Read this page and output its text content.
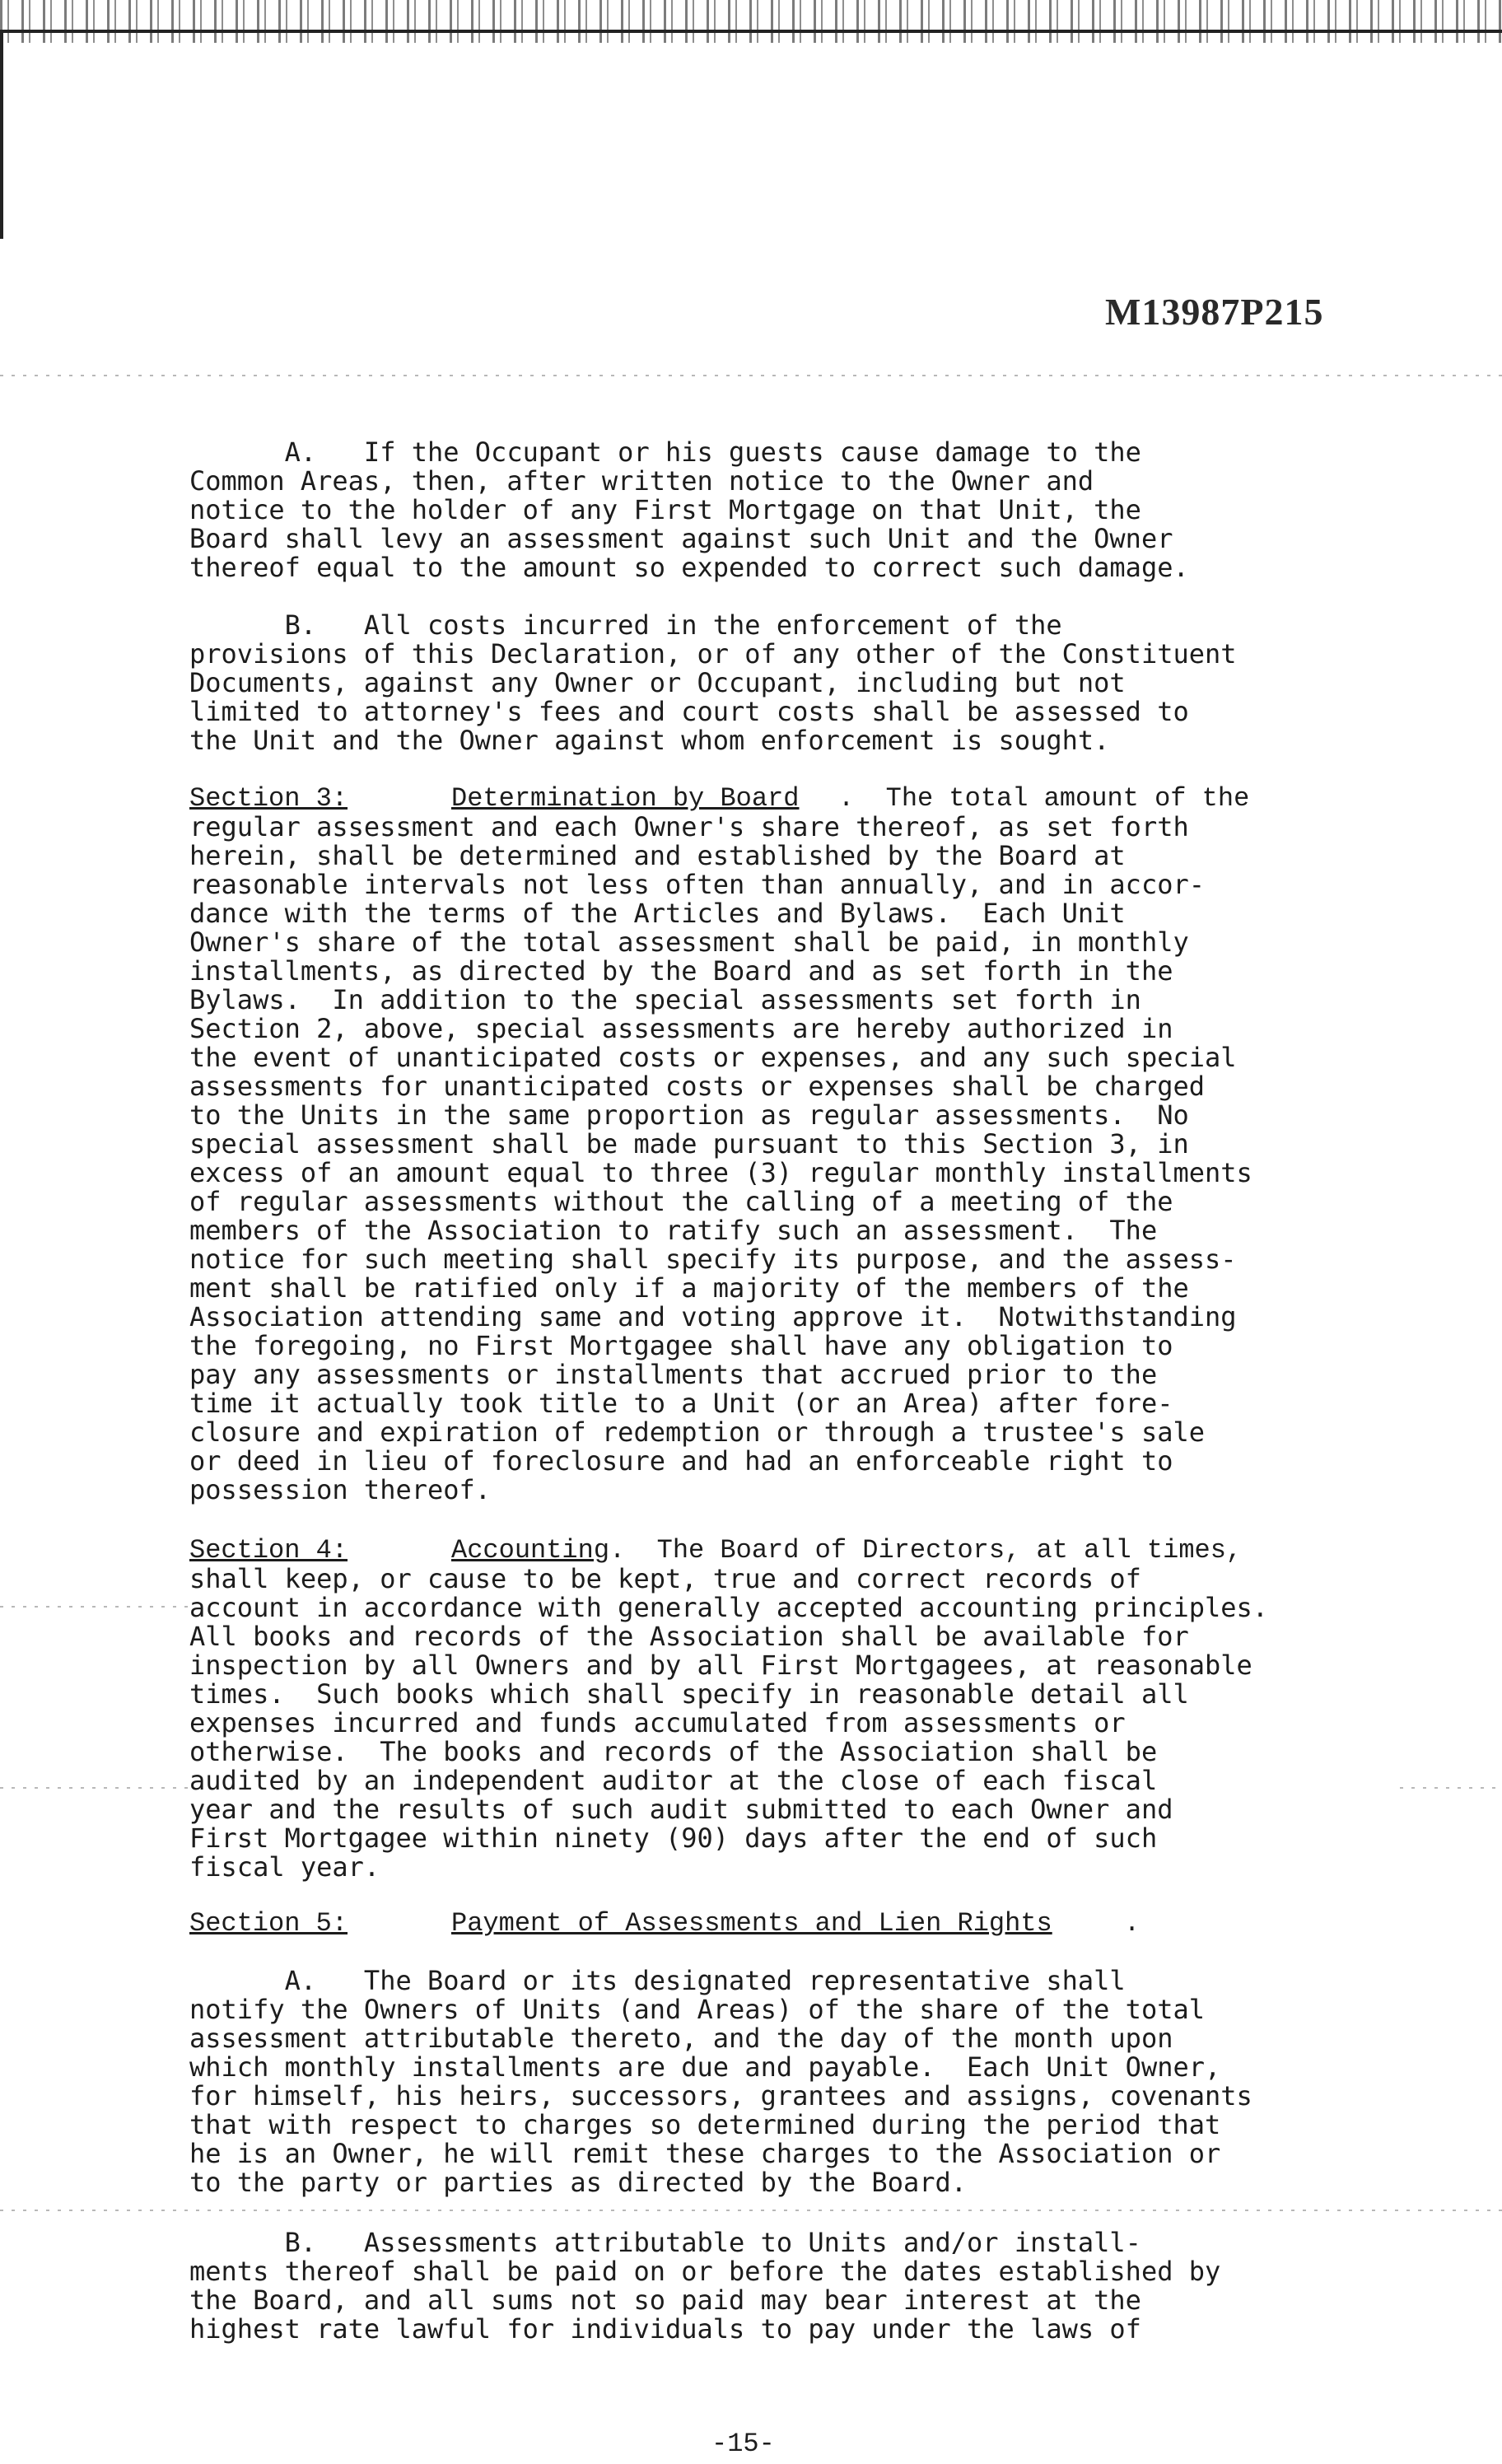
M13987P215
A.   If the Occupant or his guests cause damage to the
Common Areas, then, after written notice to the Owner and
notice to the holder of any First Mortgage on that Unit, the
Board shall levy an assessment against such Unit and the Owner
thereof equal to the amount so expended to correct such damage.
B.   All costs incurred in the enforcement of the
provisions of this Declaration, or of any other of the Constituent
Documents, against any Owner or Occupant, including but not
limited to attorney's fees and court costs shall be assessed to
the Unit and the Owner against whom enforcement is sought.
Section 3:	Determination by Board .  The total amount of the
regular assessment and each Owner's share thereof, as set forth
herein, shall be determined and established by the Board at
reasonable intervals not less often than annually, and in accor-
dance with the terms of the Articles and Bylaws.  Each Unit
Owner's share of the total assessment shall be paid, in monthly
installments, as directed by the Board and as set forth in the
Bylaws.  In addition to the special assessments set forth in
Section 2, above, special assessments are hereby authorized in
the event of unanticipated costs or expenses, and any such special
assessments for unanticipated costs or expenses shall be charged
to the Units in the same proportion as regular assessments.  No
special assessment shall be made pursuant to this Section 3, in
excess of an amount equal to three (3) regular monthly installments
of regular assessments without the calling of a meeting of the
members of the Association to ratify such an assessment.  The
notice for such meeting shall specify its purpose, and the assess-
ment shall be ratified only if a majority of the members of the
Association attending same and voting approve it.  Notwithstanding
the foregoing, no First Mortgagee shall have any obligation to
pay any assessments or installments that accrued prior to the
time it actually took title to a Unit (or an Area) after fore-
closure and expiration of redemption or through a trustee's sale
or deed in lieu of foreclosure and had an enforceable right to
possession thereof.
Section 4:	Accounting .  The Board of Directors, at all times,
shall keep, or cause to be kept, true and correct records of
account in accordance with generally accepted accounting principles.
All books and records of the Association shall be available for
inspection by all Owners and by all First Mortgagees, at reasonable
times.  Such books which shall specify in reasonable detail all
expenses incurred and funds accumulated from assessments or
otherwise.  The books and records of the Association shall be
audited by an independent auditor at the close of each fiscal
year and the results of such audit submitted to each Owner and
First Mortgagee within ninety (90) days after the end of such
fiscal year.
Section 5:	Payment of Assessments and Lien Rights	.
A.   The Board or its designated representative shall
notify the Owners of Units (and Areas) of the share of the total
assessment attributable thereto, and the day of the month upon
which monthly installments are due and payable.  Each Unit Owner,
for himself, his heirs, successors, grantees and assigns, covenants
that with respect to charges so determined during the period that
he is an Owner, he will remit these charges to the Association or
to the party or parties as directed by the Board.
B.   Assessments attributable to Units and/or install-
ments thereof shall be paid on or before the dates established by
the Board, and all sums not so paid may bear interest at the
highest rate lawful for individuals to pay under the laws of
-15-
